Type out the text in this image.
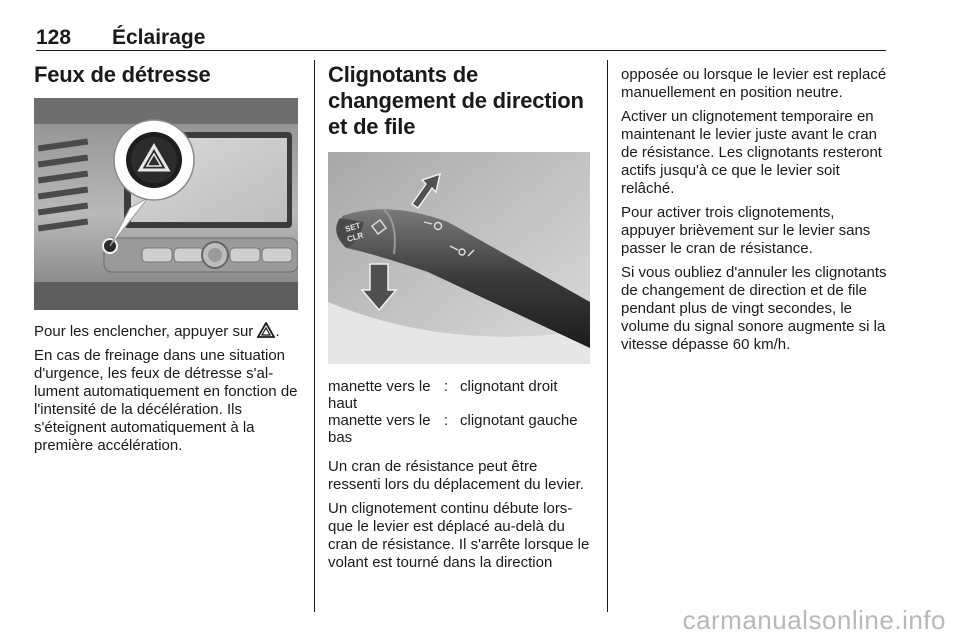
128 Éclairage
Feux de détresse

Pour les enclencher, appuyer sur .

En cas de freinage dans une situation d'urgence, les feux de détresse s'allument automatiquement en fonction de l'intensité de la décélération. Ils s'éteignent automatiquement à la première accélération.

Clignotants de changement de direction et de file
SET
CLR
manette vers le haut
: clignotant droit
manette vers le bas
: clignotant gauche

Un cran de résistance peut être ressenti lors du déplacement du levier.

Un clignotement continu débute lorsque le levier est déplacé au-delà du cran de résistance. Il s'arrête lorsque le volant est tourné dans la direction

opposée ou lorsque le levier est replacé manuellement en position neutre.

Activer un clignotement temporaire en maintenant le levier juste avant le cran de résistance. Les clignotants resteront actifs jusqu'à ce que le levier soit relâché.

Pour activer trois clignotements, appuyer brièvement sur le levier sans passer le cran de résistance.

Si vous oubliez d'annuler les clignotants de changement de direction et de file pendant plus de vingt secondes, le volume du signal sonore augmente si la vitesse dépasse 60 km/h.

carmanualsonline.info
